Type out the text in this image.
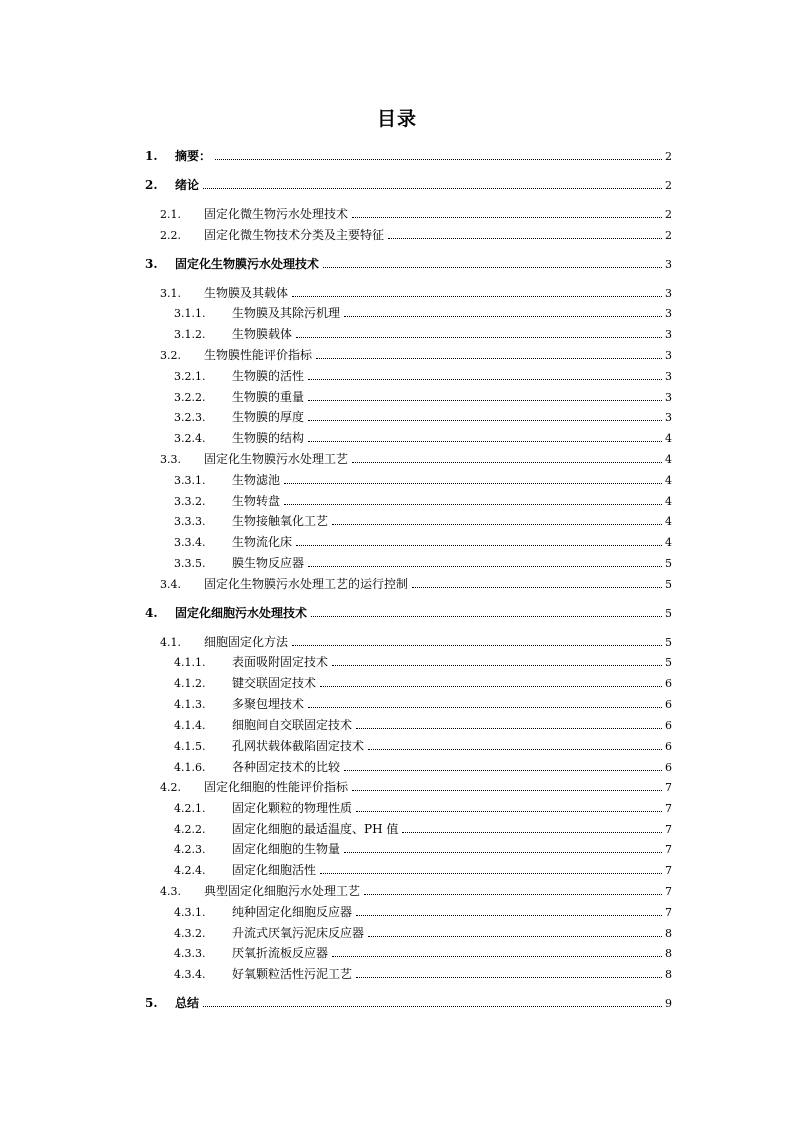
目录
1.	摘要：	2
2.	绪论	2
2.1.	固定化微生物污水处理技术	2
2.2.	固定化微生物技术分类及主要特征	2
3.	固定化生物膜污水处理技术	3
3.1.	生物膜及其载体	3
3.1.1.	生物膜及其除污机理	3
3.1.2.	生物膜载体	3
3.2.	生物膜性能评价指标	3
3.2.1.	生物膜的活性	3
3.2.2.	生物膜的重量	3
3.2.3.	生物膜的厚度	3
3.2.4.	生物膜的结构	4
3.3.	固定化生物膜污水处理工艺	4
3.3.1.	生物滤池	4
3.3.2.	生物转盘	4
3.3.3.	生物接触氧化工艺	4
3.3.4.	生物流化床	4
3.3.5.	膜生物反应器	5
3.4.	固定化生物膜污水处理工艺的运行控制	5
4.	固定化细胞污水处理技术	5
4.1.	细胞固定化方法	5
4.1.1.	表面吸附固定技术	5
4.1.2.	键交联固定技术	6
4.1.3.	多聚包埋技术	6
4.1.4.	细胞间自交联固定技术	6
4.1.5.	孔网状载体截陷固定技术	6
4.1.6.	各种固定技术的比较	6
4.2.	固定化细胞的性能评价指标	7
4.2.1.	固定化颗粒的物理性质	7
4.2.2.	固定化细胞的最适温度、PH 值	7
4.2.3.	固定化细胞的生物量	7
4.2.4.	固定化细胞活性	7
4.3.	典型固定化细胞污水处理工艺	7
4.3.1.	纯种固定化细胞反应器	7
4.3.2.	升流式厌氧污泥床反应器	8
4.3.3.	厌氧折流板反应器	8
4.3.4.	好氧颗粒活性污泥工艺	8
5.	总结	9
